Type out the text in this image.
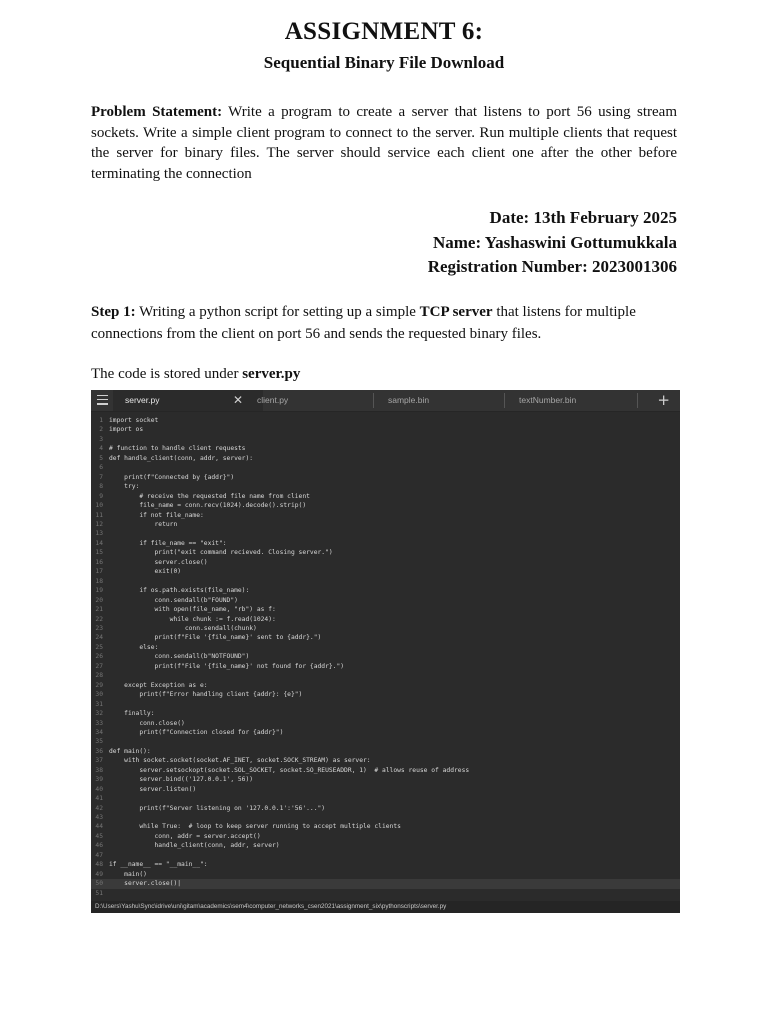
ASSIGNMENT 6:
Sequential Binary File Download
Problem Statement: Write a program to create a server that listens to port 56 using stream sockets. Write a simple client program to connect to the server. Run multiple clients that request the server for binary files. The server should service each client one after the other before terminating the connection
Date: 13th February 2025
Name: Yashaswini Gottumukkala
Registration Number: 2023001306
Step 1: Writing a python script for setting up a simple TCP server that listens for multiple connections from the client on port 56 and sends the requested binary files.
The code is stored under server.py
server.py	✕ client.py	sample.bin	textNumber.bin	+
1 import socket
2 import os
3
4 # function to handle client requests
5 def handle_client(conn, addr, server):
6
7 print(f"Connected by {addr}")
8 try:
9 # receive the requested file name from client
10 file_name = conn.recv(1024).decode().strip()
11 if not file_name:
12 return
13
14 if file_name == "exit":
15 print("exit command recieved. Closing server.")
16 server.close()
17 exit(0)
18
19 if os.path.exists(file_name):
20 conn.sendall(b"FOUND")
21 with open(file_name, "rb") as f:
22 while chunk := f.read(1024):
23 conn.sendall(chunk)
24 print(f"File '{file_name}' sent to {addr}.")
25 else:
26 conn.sendall(b"NOTFOUND")
27 print(f"File '{file_name}' not found for {addr}.")
28
29 except Exception as e:
30 print(f"Error handling client {addr}: {e}")
31
32 finally:
33 conn.close()
34 print(f"Connection closed for {addr}")
35
36 def main():
37 with socket.socket(socket.AF_INET, socket.SOCK_STREAM) as server:
38 server.setsockopt(socket.SOL_SOCKET, socket.SO_REUSEADDR, 1)  # allows reuse of address
39 server.bind(('127.0.0.1', 56))
40 server.listen()
41
42 print(f"Server listening on '127.0.0.1':'56'...")
43
44 while True:  # loop to keep server running to accept multiple clients
45 conn, addr = server.accept()
46 handle_client(conn, addr, server)
47
48 if __name__ == "__main__":
49 main()
50 server.close()|
51
D:\Users\Yashu\Sync\idrive\uni\gitam\academics\sem4\computer_networks_csen2021\assignment_six\pythonscripts\server.py
